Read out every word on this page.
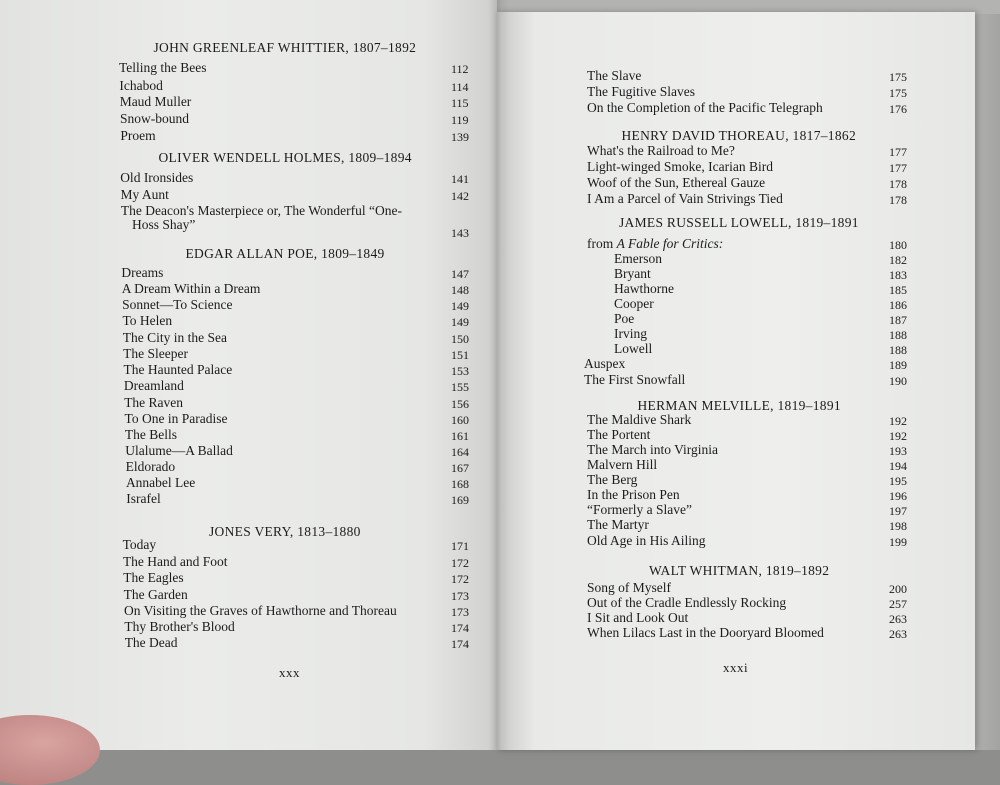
JOHN GREENLEAF WHITTIER, 1807–1892
Telling the Bees	112
Ichabod	114
Maud Muller	115
Snow-bound	119
Proem	139
OLIVER WENDELL HOLMES, 1809–1894
Old Ironsides	141
My Aunt	142
The Deacon's Masterpiece or, The Wonderful “One-
Hoss Shay”
143
EDGAR ALLAN POE, 1809–1849
Dreams	147
A Dream Within a Dream	148
Sonnet—To Science	149
To Helen	149
The City in the Sea	150
The Sleeper	151
The Haunted Palace	153
Dreamland	155
The Raven	156
To One in Paradise	160
The Bells	161
Ulalume—A Ballad	164
Eldorado	167
Annabel Lee	168
Israfel	169
JONES VERY, 1813–1880
Today	171
The Hand and Foot	172
The Eagles	172
The Garden	173
On Visiting the Graves of Hawthorne and Thoreau	173
Thy Brother's Blood	174
The Dead	174
xxx
The Slave	175
The Fugitive Slaves	175
On the Completion of the Pacific Telegraph	176
HENRY DAVID THOREAU, 1817–1862
What's the Railroad to Me?	177
Light-winged Smoke, Icarian Bird	177
Woof of the Sun, Ethereal Gauze	178
I Am a Parcel of Vain Strivings Tied	178
JAMES RUSSELL LOWELL, 1819–1891
from A Fable for Critics:	180
Emerson	182
Bryant	183
Hawthorne	185
Cooper	186
Poe	187
Irving	188
Lowell	188
Auspex	189
The First Snowfall	190
HERMAN MELVILLE, 1819–1891
The Maldive Shark	192
The Portent	192
The March into Virginia	193
Malvern Hill	194
The Berg	195
In the Prison Pen	196
“Formerly a Slave”	197
The Martyr	198
Old Age in His Ailing	199
WALT WHITMAN, 1819–1892
Song of Myself	200
Out of the Cradle Endlessly Rocking	257
I Sit and Look Out	263
When Lilacs Last in the Dooryard Bloomed	263
xxxi
